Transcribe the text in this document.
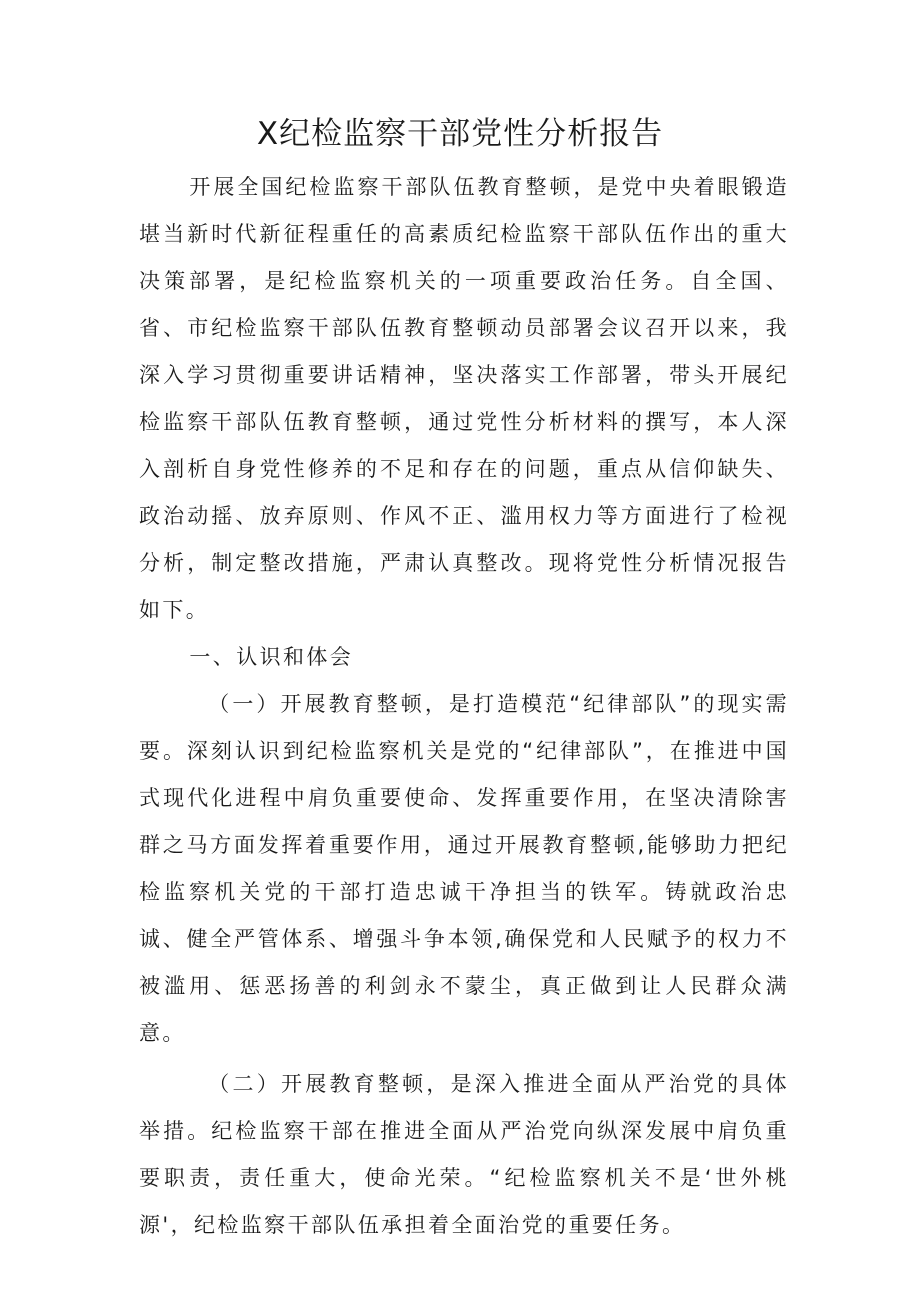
X纪检监察干部党性分析报告

开展全国纪检监察干部队伍教育整顿，是党中央着眼锻造堪当新时代新征程重任的高素质纪检监察干部队伍作出的重大决策部署，是纪检监察机关的一项重要政治任务。自全国、省、市纪检监察干部队伍教育整顿动员部署会议召开以来，我深入学习贯彻重要讲话精神，坚决落实工作部署，带头开展纪检监察干部队伍教育整顿，通过党性分析材料的撰写，本人深入剖析自身党性修养的不足和存在的问题，重点从信仰缺失、政治动摇、放弃原则、作风不正、滥用权力等方面进行了检视分析，制定整改措施，严肃认真整改。现将党性分析情况报告如下。

一、认识和体会

（一）开展教育整顿，是打造模范“纪律部队”的现实需要。深刻认识到纪检监察机关是党的“纪律部队”，在推进中国式现代化进程中肩负重要使命、发挥重要作用，在坚决清除害群之马方面发挥着重要作用，通过开展教育整顿,能够助力把纪检监察机关党的干部打造忠诚干净担当的铁军。铸就政治忠诚、健全严管体系、增强斗争本领,确保党和人民赋予的权力不被滥用、惩恶扬善的利剑永不蒙尘，真正做到让人民群众满意。

（二）开展教育整顿，是深入推进全面从严治党的具体举措。纪检监察干部在推进全面从严治党向纵深发展中肩负重要职责，责任重大，使命光荣。“纪检监察机关不是‘世外桃源'，纪检监察干部队伍承担着全面治党的重要任务。
